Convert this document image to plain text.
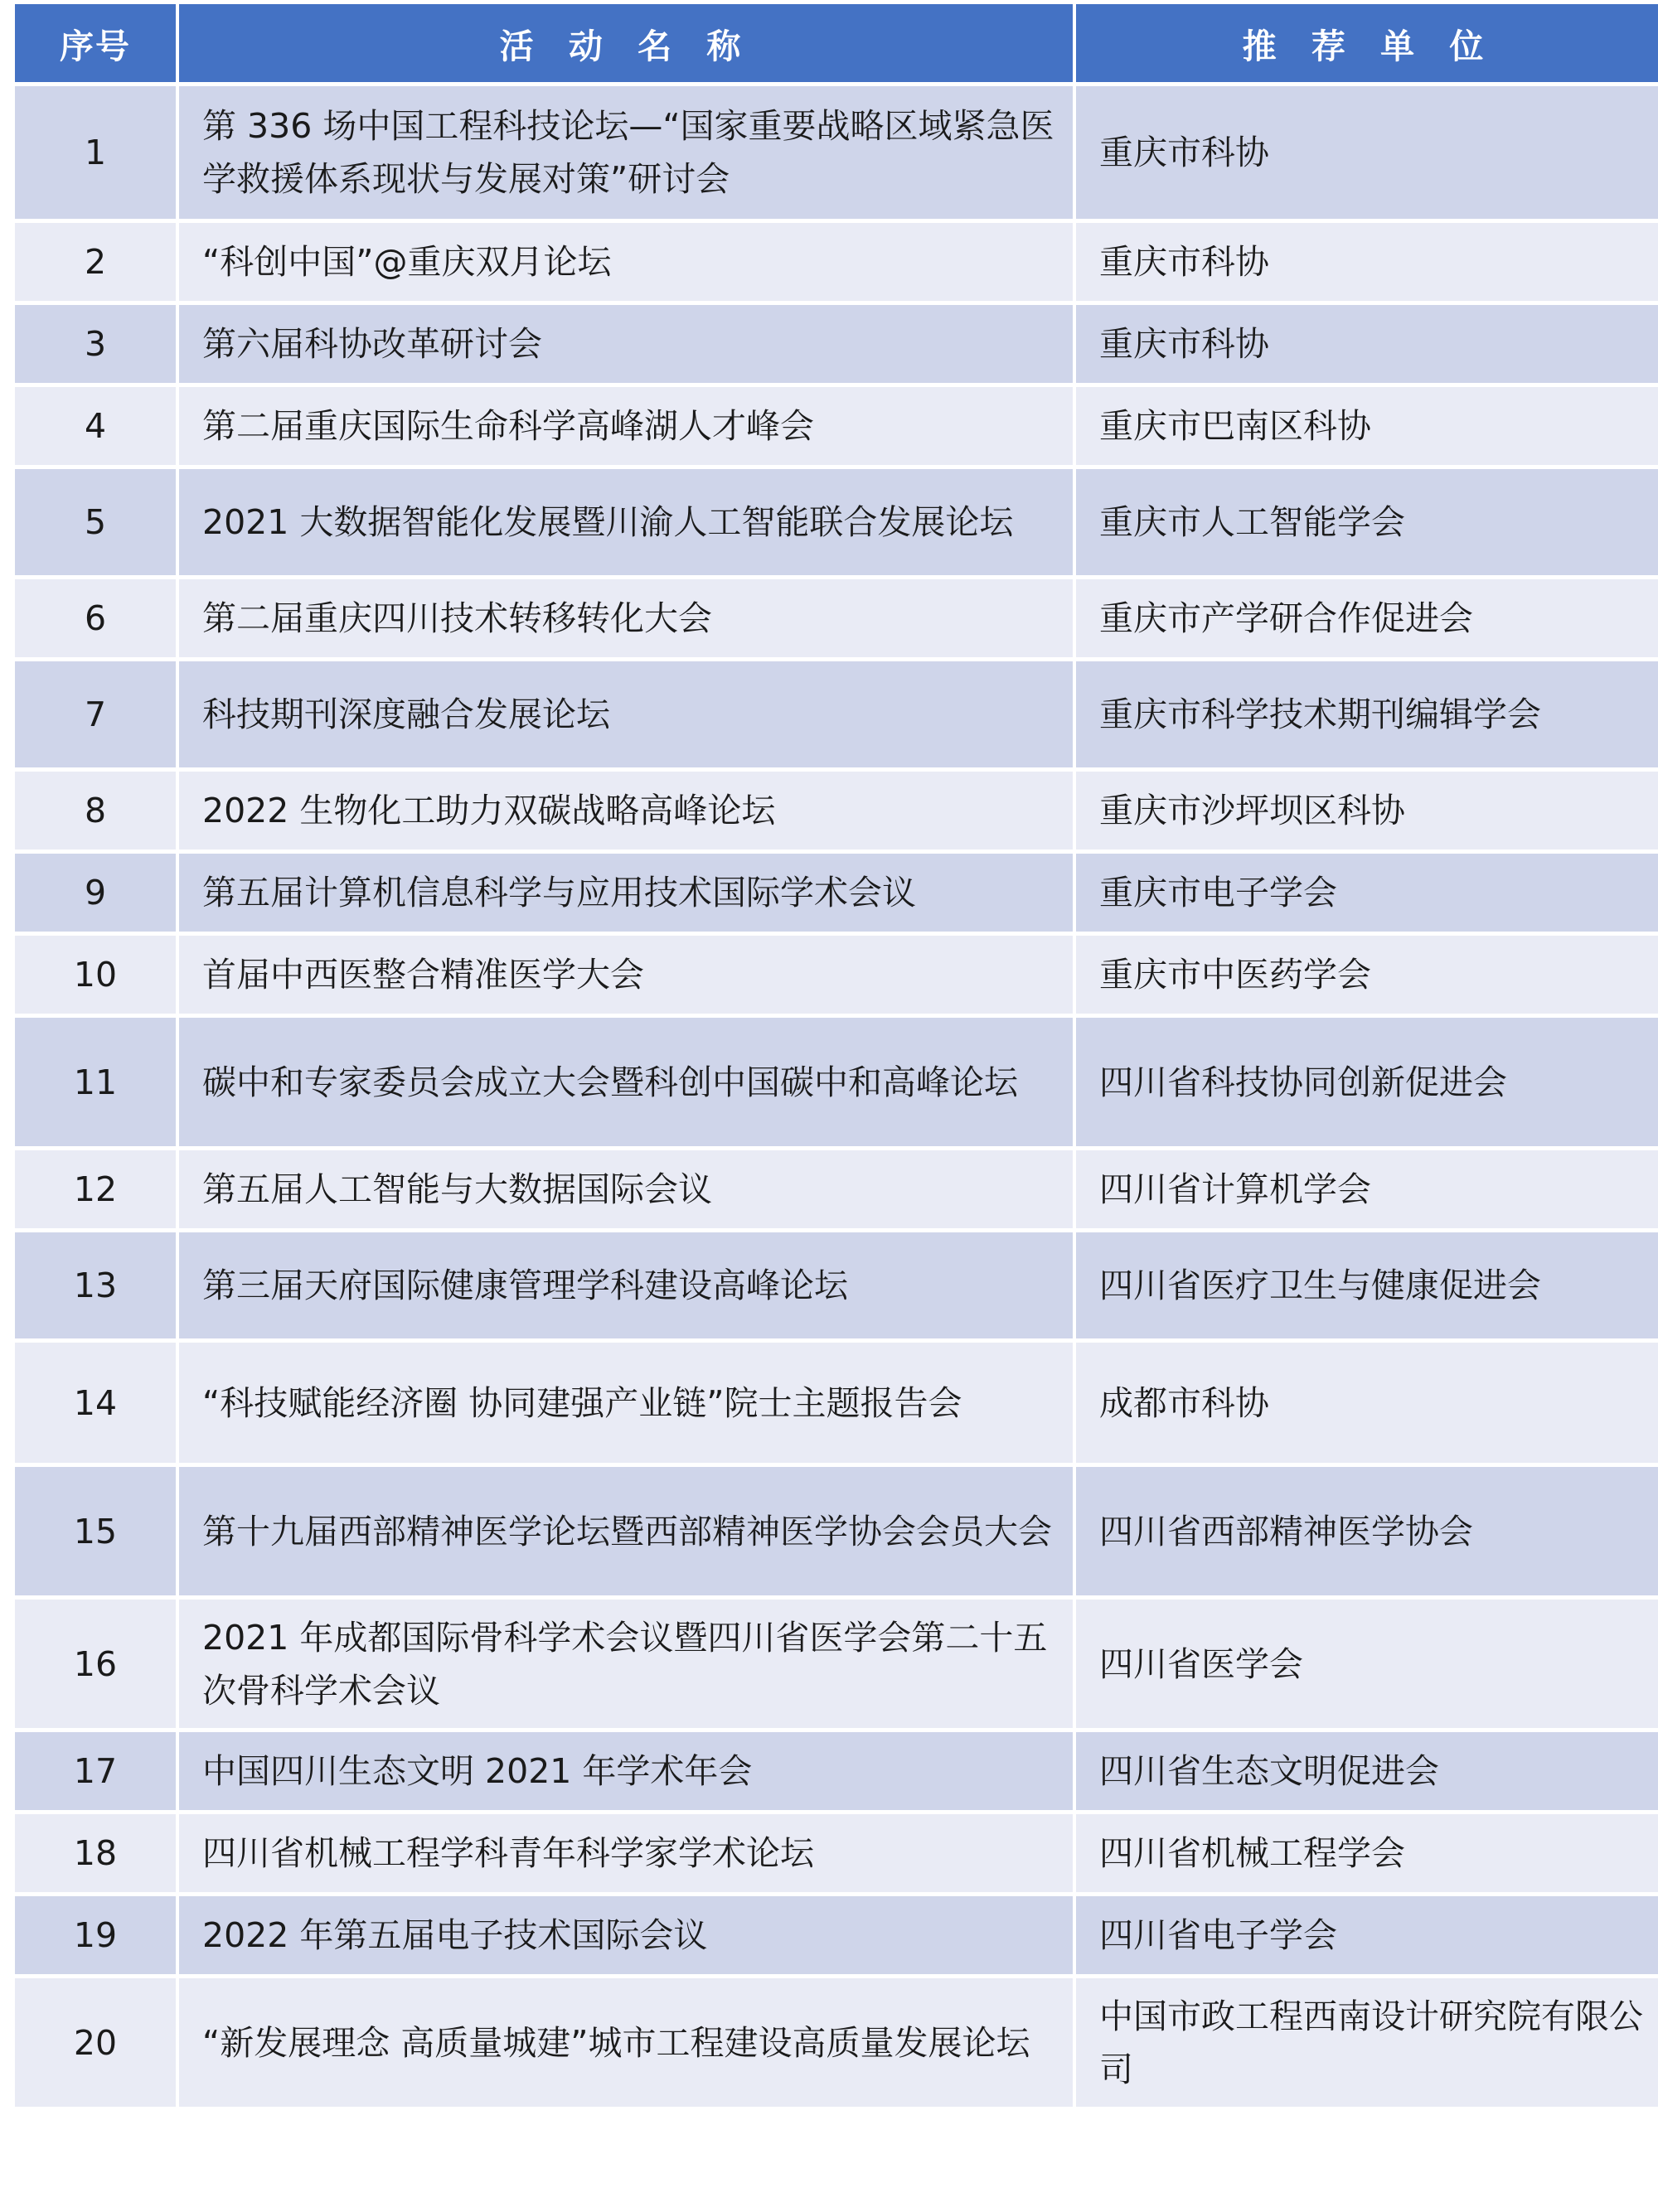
序号	活 动 名 称	推 荐 单 位
1	第 336 场中国工程科技论坛—“国家重要战略区域紧急医学救援体系现状与发展对策”研讨会	重庆市科协
2	“科创中国”@重庆双月论坛	重庆市科协
3	第六届科协改革研讨会	重庆市科协
4	第二届重庆国际生命科学高峰湖人才峰会	重庆市巴南区科协
5	2021 大数据智能化发展暨川渝人工智能联合发展论坛	重庆市人工智能学会
6	第二届重庆四川技术转移转化大会	重庆市产学研合作促进会
7	科技期刊深度融合发展论坛	重庆市科学技术期刊编辑学会
8	2022 生物化工助力双碳战略高峰论坛	重庆市沙坪坝区科协
9	第五届计算机信息科学与应用技术国际学术会议	重庆市电子学会
10	首届中西医整合精准医学大会	重庆市中医药学会
11	碳中和专家委员会成立大会暨科创中国碳中和高峰论坛	四川省科技协同创新促进会
12	第五届人工智能与大数据国际会议	四川省计算机学会
13	第三届天府国际健康管理学科建设高峰论坛	四川省医疗卫生与健康促进会
14	“科技赋能经济圈 协同建强产业链”院士主题报告会	成都市科协
15	第十九届西部精神医学论坛暨西部精神医学协会会员大会	四川省西部精神医学协会
16	2021 年成都国际骨科学术会议暨四川省医学会第二十五次骨科学术会议	四川省医学会
17	中国四川生态文明 2021 年学术年会	四川省生态文明促进会
18	四川省机械工程学科青年科学家学术论坛	四川省机械工程学会
19	2022 年第五届电子技术国际会议	四川省电子学会
20	“新发展理念 高质量城建”城市工程建设高质量发展论坛	中国市政工程西南设计研究院有限公司
